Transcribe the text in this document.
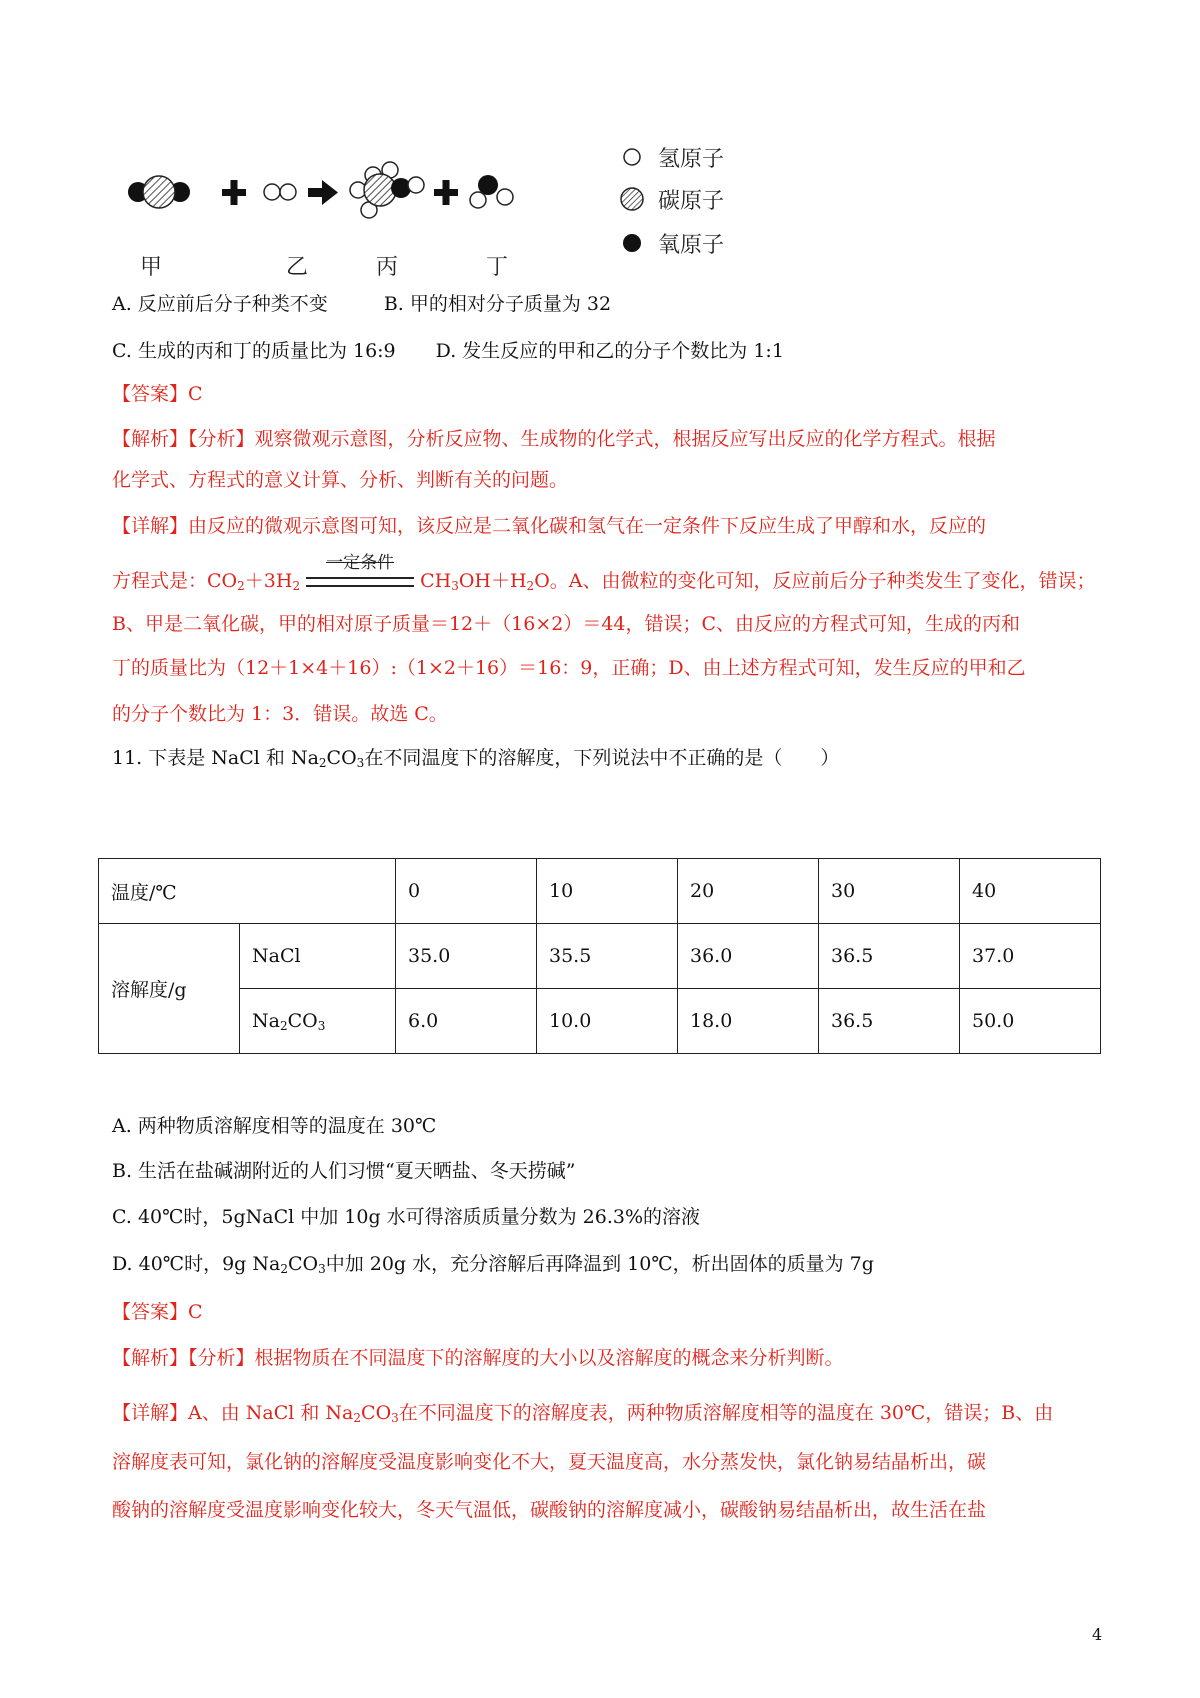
甲	乙	丙	丁
氢原子
碳原子
氧原子
A. 反应前后分子种类不变	B. 甲的相对分子质量为 32
C. 生成的丙和丁的质量比为 16:9 D. 发生反应的甲和乙的分子个数比为 1:1
【答案】C
【解析】【分析】观察微观示意图，分析反应物、生成物的化学式，根据反应写出反应的化学方程式。根据
化学式、方程式的意义计算、分析、判断有关的问题。
【详解】由反应的微观示意图可知，该反应是二氧化碳和氢气在一定条件下反应生成了甲醇和水，反应的
方程式是：$CO_2+3H_2$
一定条件
$CH_3OH+H_2O$。A、由微粒的变化可知，反应前后分子种类发生了变化，错误；
B、甲是二氧化碳，甲的相对原子质量＝12＋（16×2）＝44，错误；C、由反应的方程式可知，生成的丙和
丁的质量比为（12＋1×4＋16）:（1×2＋16）＝16：9，正确；D、由上述方程式可知，发生反应的甲和乙
的分子个数比为 1：3．错误。故选 C。
11. 下表是 NaCl 和 $Na_2CO_3$在不同温度下的溶解度，下列说法中不正确的是（　　）
温度/℃		0	10	20	30	40
溶解度/g	NaCl	35.0	35.5	36.0	36.5	37.0
	$Na_2CO_3$	6.0	10.0	18.0	36.5	50.0
A. 两种物质溶解度相等的温度在 30℃
B. 生活在盐碱湖附近的人们习惯“夏天晒盐、冬天捞碱”
C. 40℃时，5gNaCl 中加 10g 水可得溶质质量分数为 26.3%的溶液
D. 40℃时，9g $Na_2CO_3$中加 20g 水，充分溶解后再降温到 10℃，析出固体的质量为 7g
【答案】C
【解析】【分析】根据物质在不同温度下的溶解度的大小以及溶解度的概念来分析判断。
【详解】A、由 NaCl 和 $Na_2CO_3$在不同温度下的溶解度表，两种物质溶解度相等的温度在 30℃，错误；B、由
溶解度表可知，氯化钠的溶解度受温度影响变化不大，夏天温度高，水分蒸发快，氯化钠易结晶析出，碳
酸钠的溶解度受温度影响变化较大，冬天气温低，碳酸钠的溶解度减小，碳酸钠易结晶析出，故生活在盐
4
